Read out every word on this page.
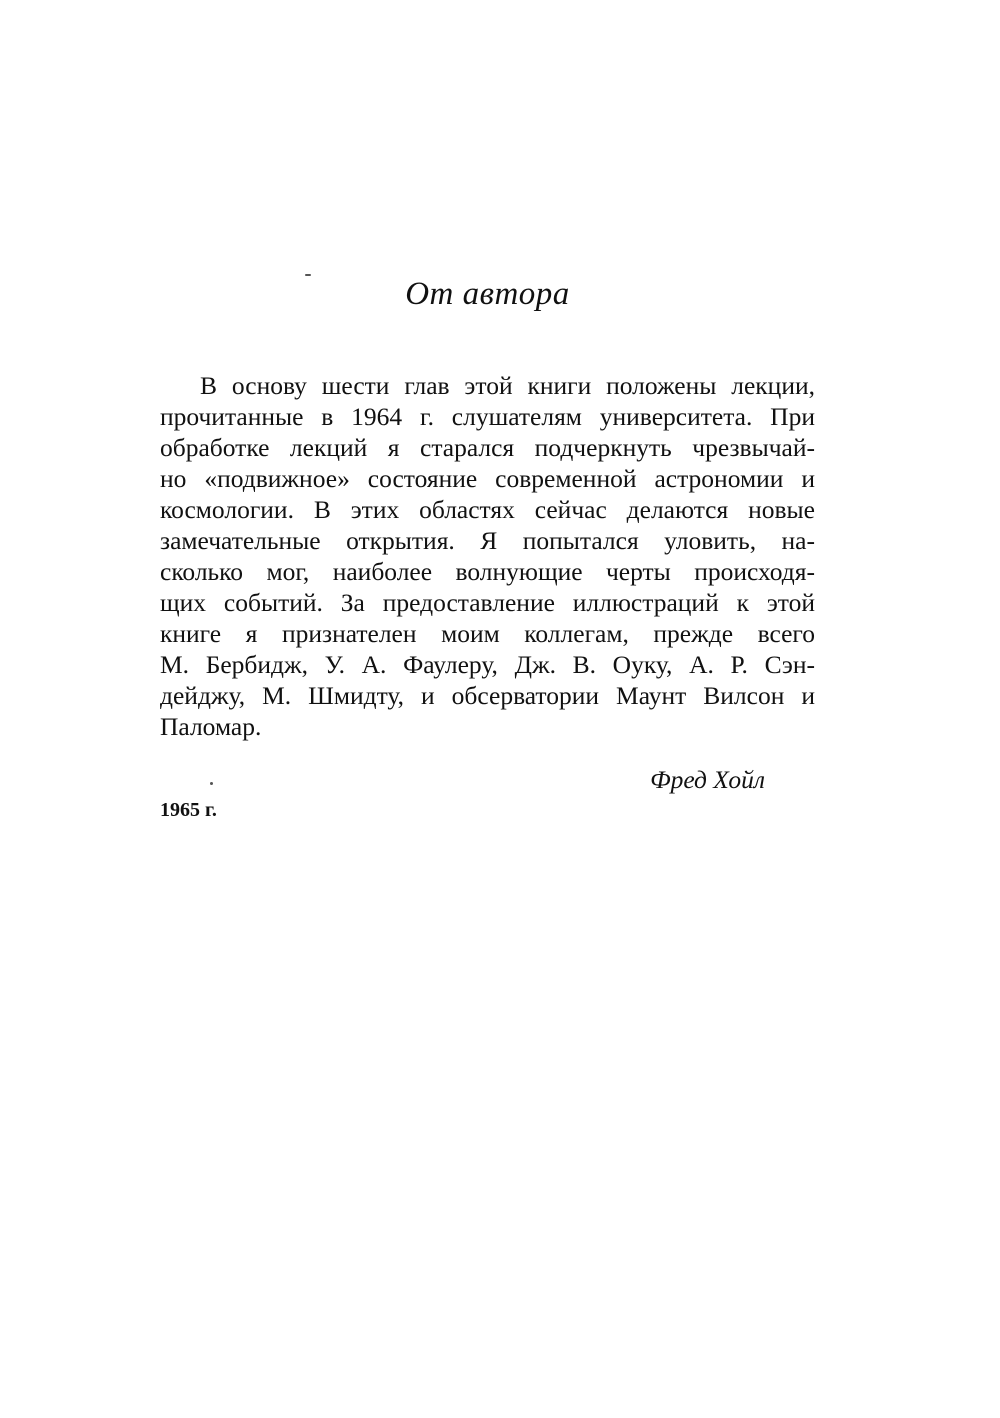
От автора
В основу шести глав этой книги положены лекции,
прочитанные в 1964 г. слушателям университета. При
обработке лекций я старался подчеркнуть чрезвычай-
но «подвижное» состояние современной астрономии и
космологии. В этих областях сейчас делаются новые
замечательные открытия. Я попытался уловить, на-
сколько мог, наиболее волнующие черты происходя-
щих событий. За предоставление иллюстраций к этой
книге я признателен моим коллегам, прежде всего
М. Бербидж, У. А. Фаулеру, Дж. В. Оуку, А. Р. Сэн-
дейджу, М. Шмидту, и обсерватории Маунт Вилсон и
Паломар.
Фред Хойл
1965 г.
